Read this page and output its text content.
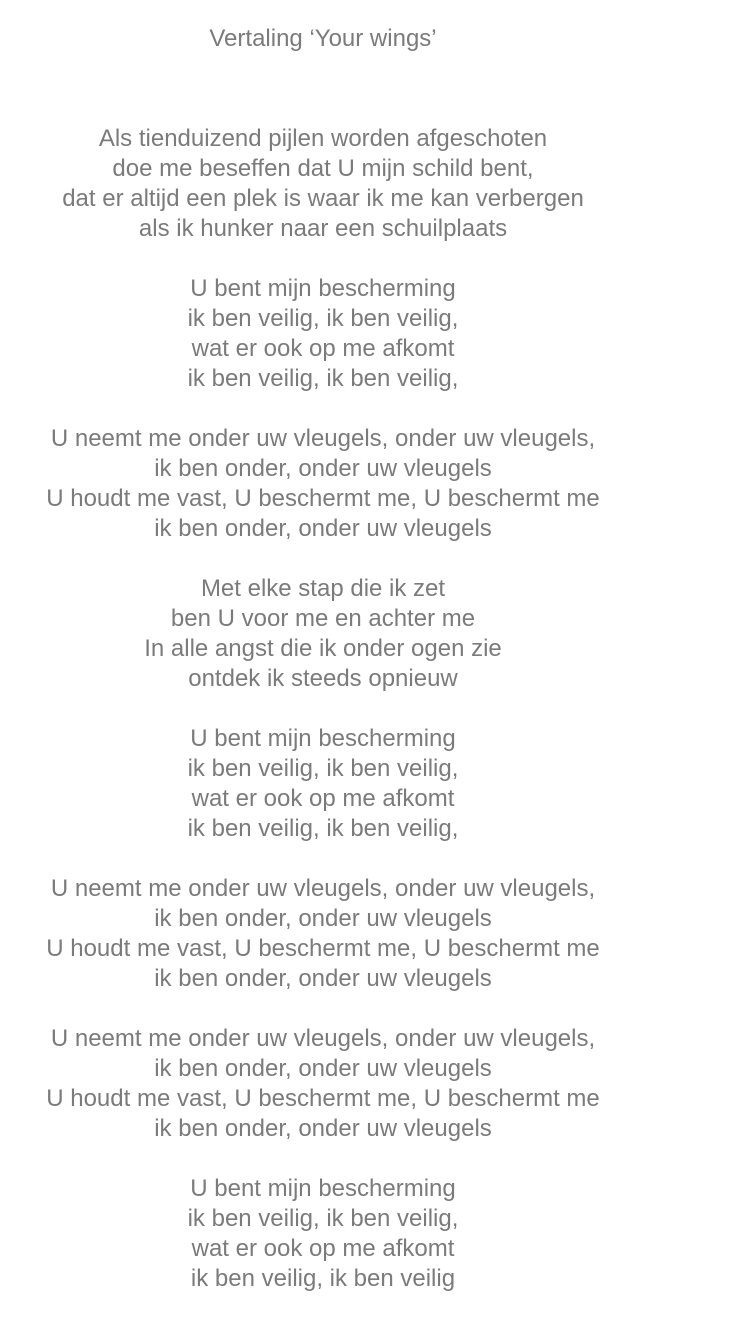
Vertaling ‘Your wings’
Als tienduizend pijlen worden afgeschoten
doe me beseffen dat U mijn schild bent,
dat er altijd een plek is waar ik me kan verbergen
als ik hunker naar een schuilplaats
U bent mijn bescherming
ik ben veilig, ik ben veilig,
wat er ook op me afkomt
ik ben veilig, ik ben veilig,
U neemt me onder uw vleugels, onder uw vleugels,
ik ben onder, onder uw vleugels
U houdt me vast, U beschermt me, U beschermt me
ik ben onder, onder uw vleugels
Met elke stap die ik zet
ben U voor me en achter me
In alle angst die ik onder ogen zie
ontdek ik steeds opnieuw
U bent mijn bescherming
ik ben veilig, ik ben veilig,
wat er ook op me afkomt
ik ben veilig, ik ben veilig,
U neemt me onder uw vleugels, onder uw vleugels,
ik ben onder, onder uw vleugels
U houdt me vast, U beschermt me, U beschermt me
ik ben onder, onder uw vleugels
U neemt me onder uw vleugels, onder uw vleugels,
ik ben onder, onder uw vleugels
U houdt me vast, U beschermt me, U beschermt me
ik ben onder, onder uw vleugels
U bent mijn bescherming
ik ben veilig, ik ben veilig,
wat er ook op me afkomt
ik ben veilig, ik ben veilig
